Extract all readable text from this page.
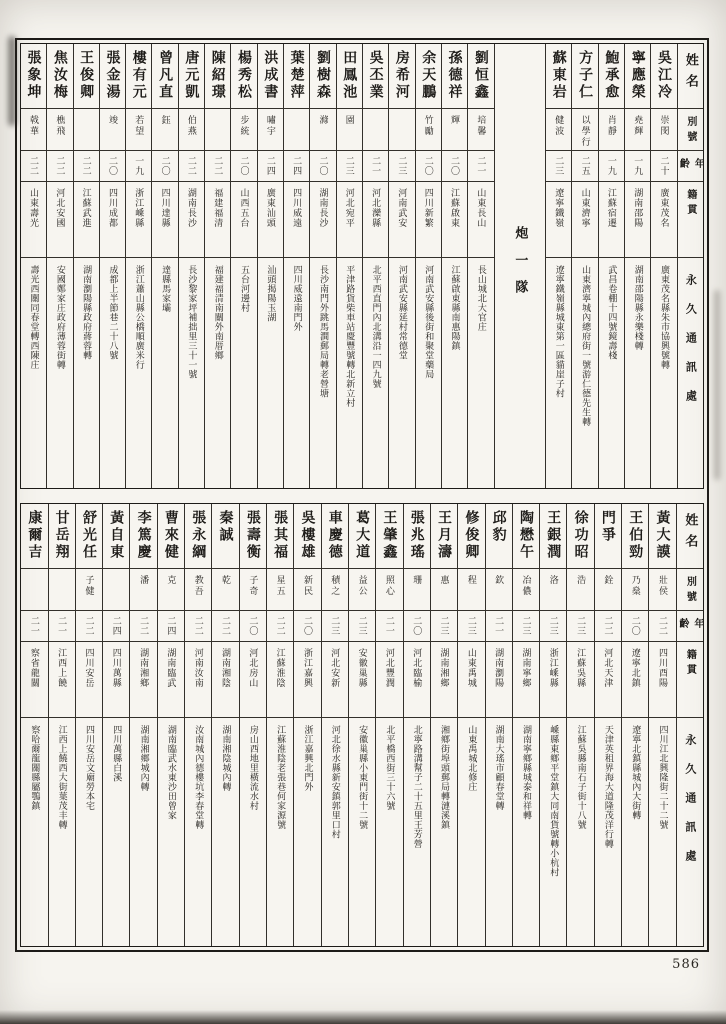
姓名
別號
年齡
籍貫
永久通訊處
吳江冷
崇閔
二十
廣東茂名
廣東茂名縣朱市協興號轉
寧應榮
堯輝
一九
湖南邵陽
湖南邵陽縣永樂棧轉
鮑承愈
肖靜
一九
江蘇宿遷
武昌卷棚十四號鏡壽棧
方子仁
以學行
二五
山東濟寧
山東濟寧城內總府街一號游仁德先生轉
蘇東岩
健波
二三
遼寧鐵嶺
遼寧鐵嶺縣城東第一區貓崖子村
炮一隊
劉恒鑫
培馨
二一
山東長山
長山城北大官庄
孫德祥
輝
二〇
江蘇啟東
江蘇啟東縣南惠陽鎮
余天鵬
竹勵
二〇
四川新繁
河南武安縣後街和聚堂藥局
房希河
二三
河南武安
河南武安縣延村常德堂
吳丕業
二一
河北灤縣
北平西直門內北溝沿一四九號
田鳳池
園
二三
河北宛平
平津路貨柴車站慶豐號轉北新立村
劉樹森
滌
二〇
湖南長沙
長沙南門外跳馬澗郵局轉老營塘
葉楚萍
二四
四川威遠
四川威遠南門外
洪成書
嘯宇
二四
廣東汕頭
汕頭揭陽玉湖
楊秀松
步統
二〇
山西五台
五台河邊村
陳紹璟
二二
福建福清
福建福清南關外南厝鄉
唐元凱
伯燕
二二
湖南長沙
長沙黎家坪補拙里三十一號
曾凡直
鈺
二〇
四川達縣
達縣馬家壩
樓有元
若望
一九
浙江嵊縣
浙江蕭山縣公橋順廣米行
張金湯
竣
二〇
四川成都
成都上半節巷二十八號
王俊卿
二二
江蘇武進
湖南瀏陽縣政府蔣蓉轉
焦汝梅
樵飛
二二
河北安國
安國鄭家庄政府薄蓉街轉
張象坤
戟華
二二
山東壽光
壽光西關同春堂轉西陳庄
姓名
別號
年齡
籍貫
永久通訊處
黃大謨
壯侯
二二
四川酉陽
四川江北興隆街二十二號
王伯勁
乃燊
二〇
遼寧北鎮
遼寧北鎮縣城內大街轉
門爭
銓
二二
河北天津
天津英租界海大道隆茂洋行轉
徐功昭
浩
二三
江蘇吳縣
江蘇吳縣南石子街十八號
王銀潤
洛
二三
浙江嵊縣
嵊縣東鄉平堂鎮大同南貨號轉小杭村
陶懋午
冶儂
二三
湖南寧鄉
湖南寧鄉縣城泰和祥轉
邱豹
欽
二一
湖南瀏陽
湖南大瑤市顧春堂轉
修俊卿
程
二三
山東禹城
山東禹城北修庄
王月濤
惠
二三
湖南湘鄉
湘鄉街埠頭郵局轉漣溪鎮
張兆瑤
珊
二〇
河北臨榆
北寧路溝幫子二十五里王芳營
王肇鑫
照心
二一
河北豐潤
北平橋西街三十六號
葛大道
益公
二三
安徽巢縣
安徽巢縣小東門街十二號
車慶德
積之
二三
河北安新
河北徐水縣新安鎮郭里口村
吳樓雄
新民
二〇
浙江嘉興
浙江嘉興北門外
張其福
星五
二二
江蘇淮陰
江蘇淮陰老張巷何家源號
張壽衡
子奇
二〇
河北房山
房山西地里橫流水村
秦誠
乾
二二
湖南湘陰
湖南湘陰城內轉
張永綱
教吾
二二
河南汝南
汝南城內德樓坑李春堂轉
曹來健
克
二四
湖南臨武
湖南臨武水東沙田曾家
李篤慶
潘
二二
湖南湘鄉
湖南湘鄉城內轉
黃自東
二四
四川萬縣
四川萬縣白溪
舒光任
子健
二二
四川安岳
四川安岳文廟勞本宅
甘岳翔
二一
江西上饒
江西上饒西大街葉茂丰轉
康爾吉
二一
察省龍關
察哈爾龍關縣屬鶚鎮
586
